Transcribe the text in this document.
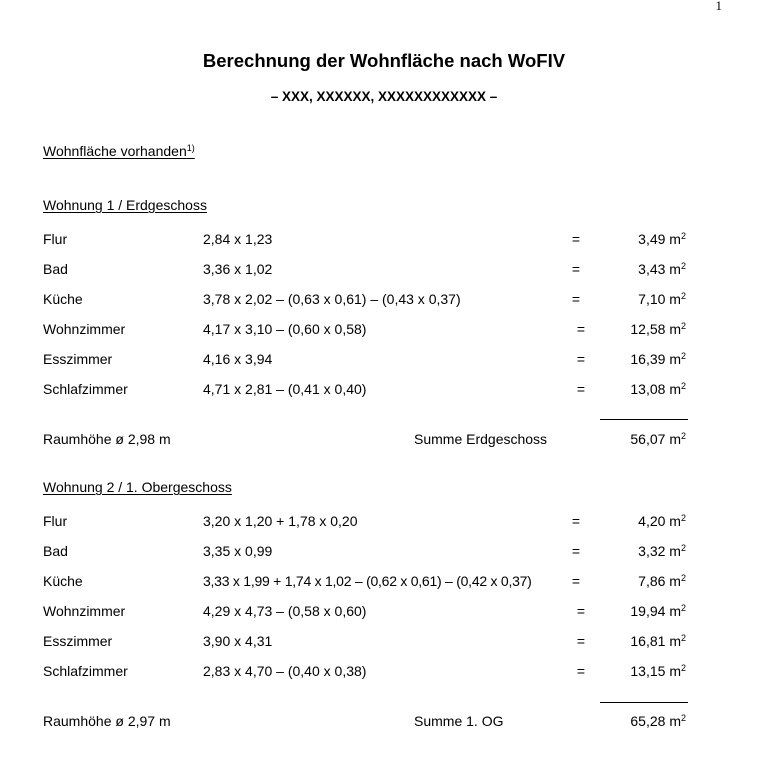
1
Berechnung der Wohnfläche nach WoFIV
– XXX, XXXXXX, XXXXXXXXXXXX –
Wohnfläche vorhanden$^{1)}$
Wohnung 1 / Erdgeschoss
Flur	2,84 x 1,23	=	3,49 $m^2$
Bad	3,36 x 1,02	=	3,43 $m^2$
Küche	3,78 x 2,02 – (0,63 x 0,61) – (0,43 x 0,37)	=	7,10 $m^2$
Wohnzimmer	4,17 x 3,10 – (0,60 x 0,58)	=	12,58 $m^2$
Esszimmer	4,16 x 3,94	=	16,39 $m^2$
Schlafzimmer	4,71 x 2,81 – (0,41 x 0,40)	=	13,08 $m^2$
Raumhöhe ø 2,98 m	Summe Erdgeschoss	56,07 $m^2$
Wohnung 2 / 1. Obergeschoss
Flur	3,20 x 1,20 + 1,78 x 0,20	=	4,20 $m^2$
Bad	3,35 x 0,99	=	3,32 $m^2$
Küche	3,33 x 1,99 + 1,74 x 1,02 – (0,62 x 0,61) – (0,42 x 0,37)	=	7,86 $m^2$
Wohnzimmer	4,29 x 4,73 – (0,58 x 0,60)	=	19,94 $m^2$
Esszimmer	3,90 x 4,31	=	16,81 $m^2$
Schlafzimmer	2,83 x 4,70 – (0,40 x 0,38)	=	13,15 $m^2$
Raumhöhe ø 2,97 m	Summe 1. OG	65,28 $m^2$
